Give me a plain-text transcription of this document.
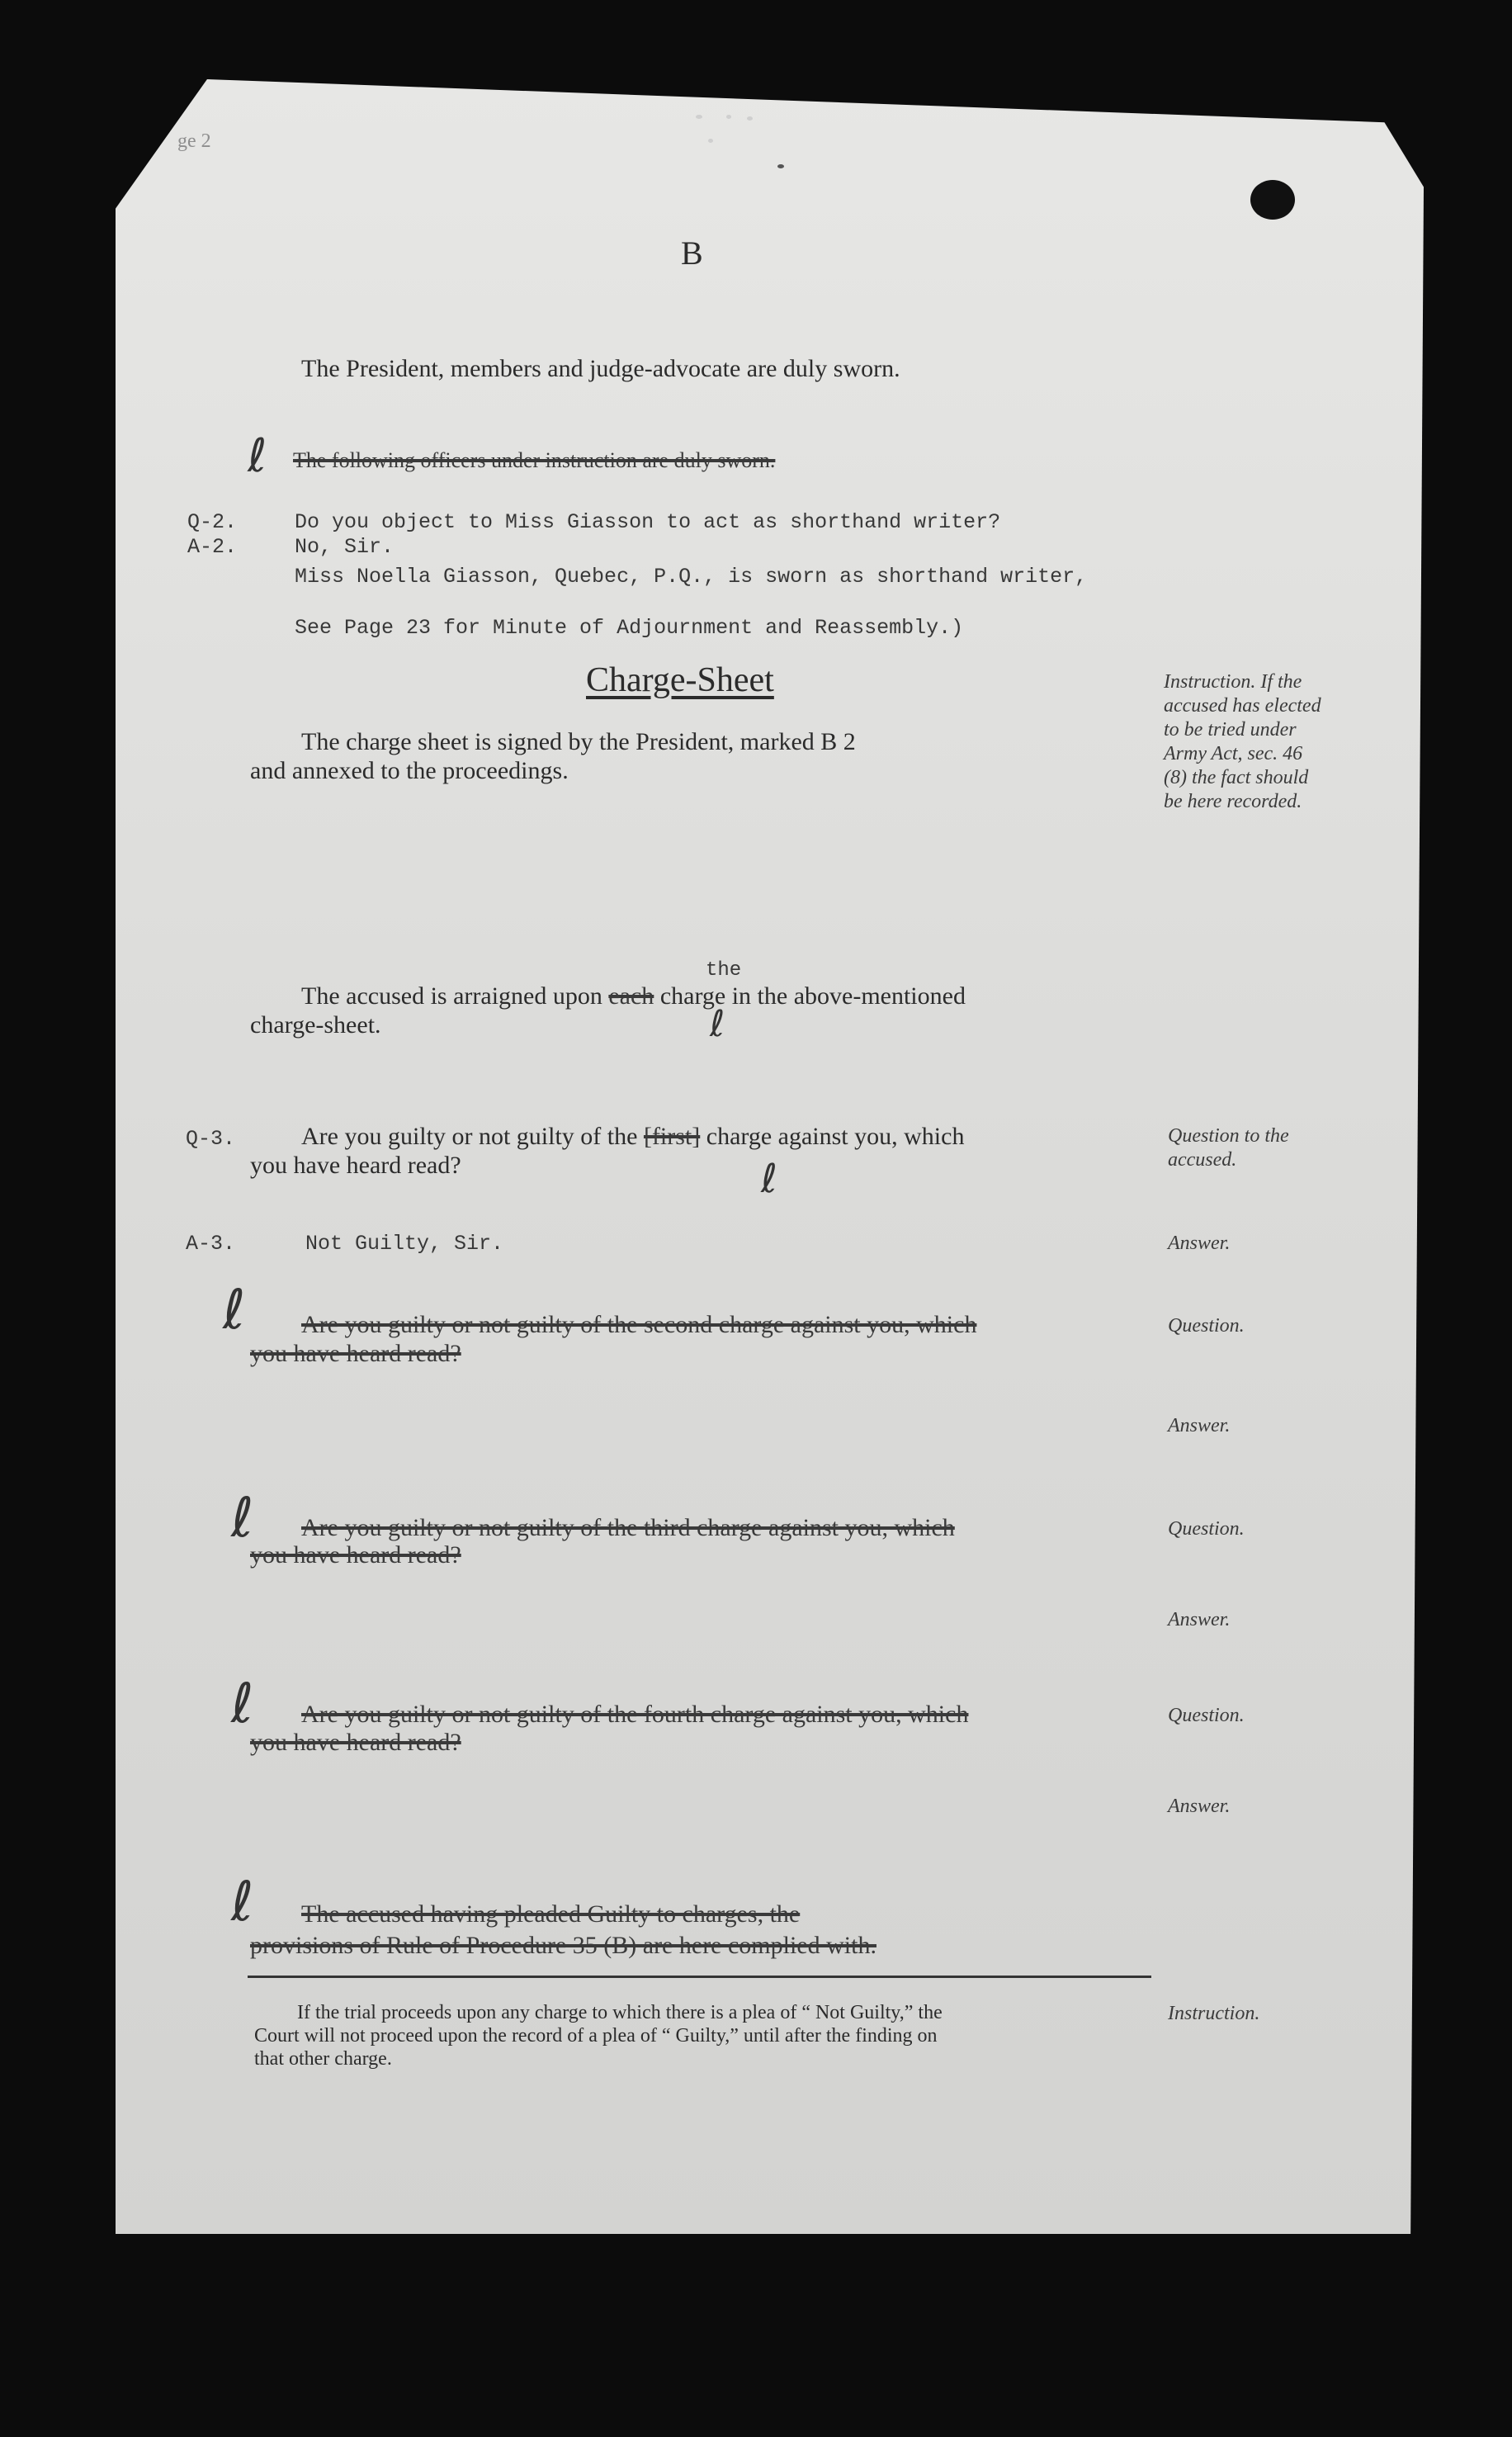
ge 2

B

The President, members and judge-advocate are duly sworn.

ℓ The following officers under instruction are duly sworn.

Q-2.	Do you object to Miss Giasson to act as shorthand writer?

A-2.	No, Sir.

Miss Noella Giasson, Quebec, P.Q., is sworn as shorthand writer,

See Page 23 for Minute of Adjournment and Reassembly.)

Charge-Sheet

The charge sheet is signed by the President, marked B 2

and annexed to the proceedings.

Instruction. If the accused has elected to be tried under Army Act, sec. 46 (8) the fact should be here recorded.

the

The accused is arraigned upon each charge in the above-mentioned

charge-sheet.	ℓ

Q-3.	Are you guilty or not guilty of the [first] charge against you, which

you have heard read?

Question to the accused.

ℓ

A-3.	Not Guilty, Sir.	Answer.

ℓ Are you guilty or not guilty of the second charge against you, which

you have heard read?

Question.

Answer.

ℓ Are you guilty or not guilty of the third charge against you, which

you have heard read?

Question.

Answer.

ℓ Are you guilty or not guilty of the fourth charge against you, which

you have heard read?

Question.

Answer.

ℓ The accused having pleaded Guilty to charges, the

provisions of Rule of Procedure 35 (B) are here complied with.

If the trial proceeds upon any charge to which there is a plea of “ Not Guilty,” the

Court will not proceed upon the record of a plea of “ Guilty,” until after the finding on

that other charge.

Instruction.
